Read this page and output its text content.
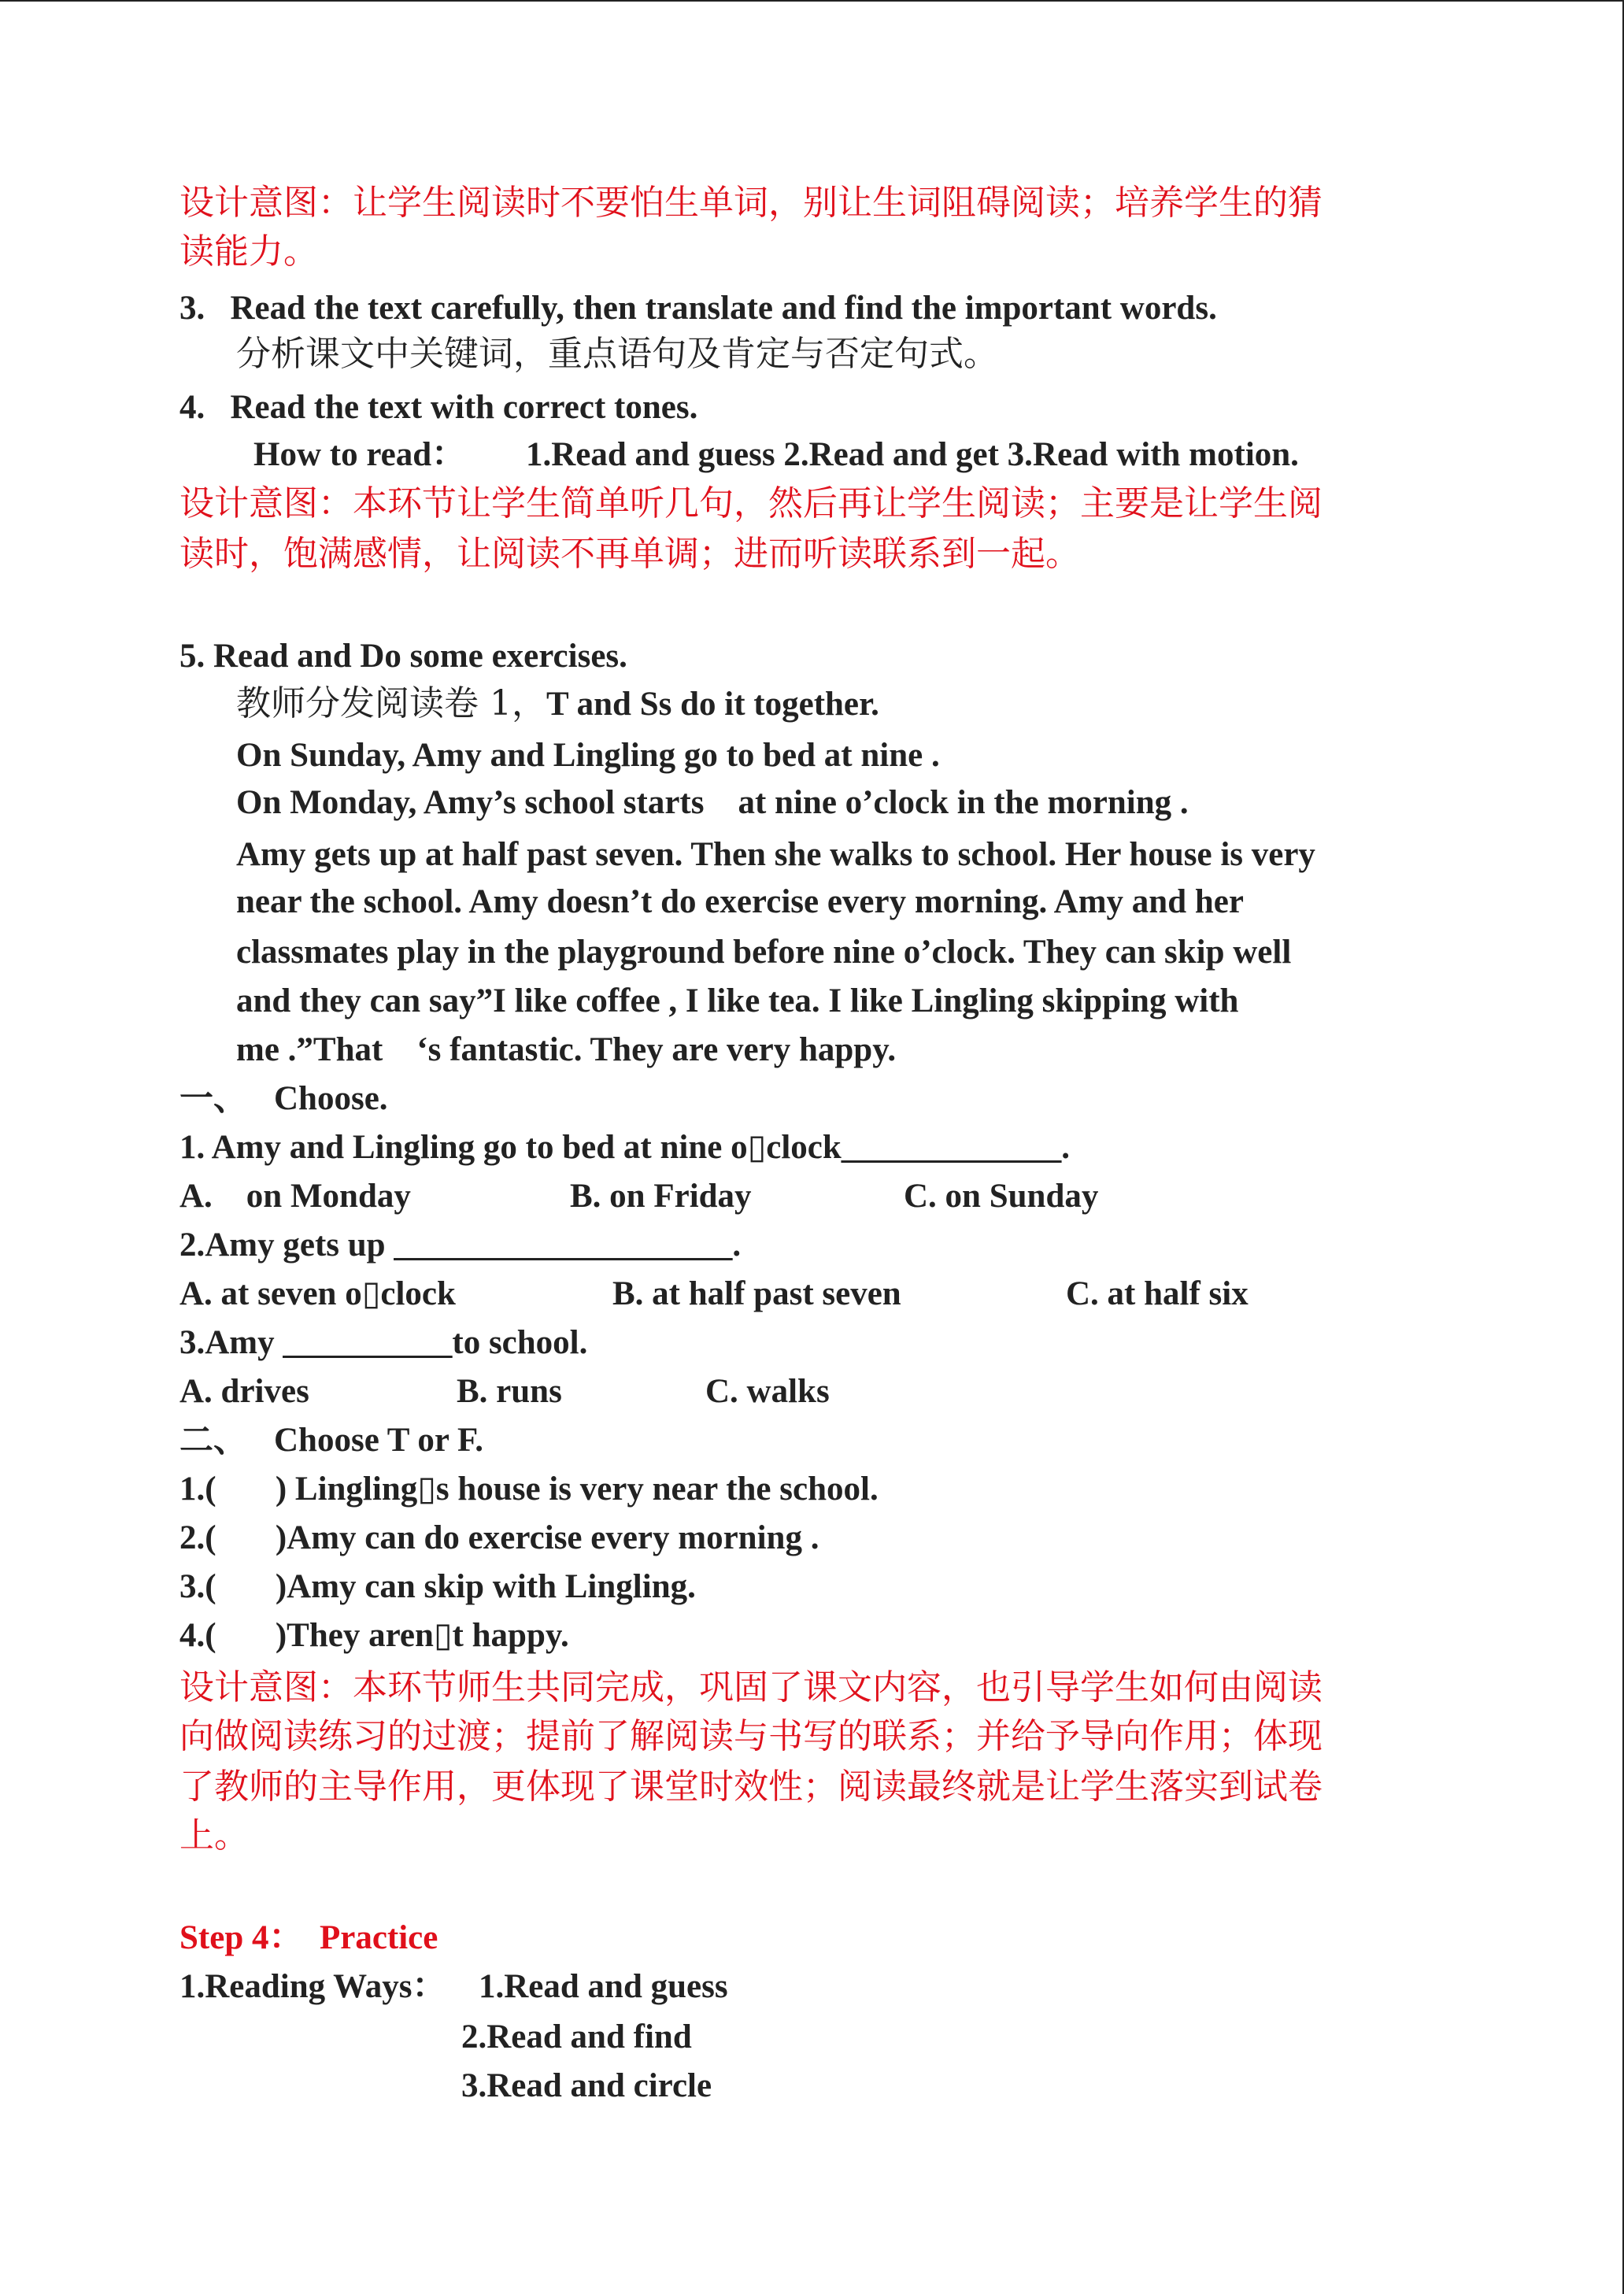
设计意图：让学生阅读时不要怕生单词，别让生词阻碍阅读；培养学生的猜
读能力。
3.   Read the text carefully, then translate and find the important words.
分析课文中关键词，重点语句及肯定与否定句式。
4.   Read the text with correct tones.
How to read： 1.Read and guess 2.Read and get 3.Read with motion.
设计意图：本环节让学生简单听几句，然后再让学生阅读；主要是让学生阅
读时，饱满感情，让阅读不再单调；进而听读联系到一起。
5. Read and Do some exercises.
教师分发阅读卷 1，T and Ss do it together.
On Sunday, Amy and Lingling go to bed at nine .
On Monday, Amy’s school starts    at nine o’clock in the morning .
Amy gets up at half past seven. Then she walks to school. Her house is very
near the school. Amy doesn’t do exercise every morning. Amy and her
classmates play in the playground before nine o’clock. They can skip well
and they can say”I like coffee , I like tea. I like Lingling skipping with
me .”That    ‘s fantastic. They are very happy.
一、 Choose.
1. Amy and Lingling go to bed at nine o▯clock_____________.
A.    on Monday	B. on Friday	C. on Sunday
2.Amy gets up ____________________.
A. at seven o▯clock	B. at half past seven	C. at half six
3.Amy __________to school.
A. drives	B. runs	C. walks
二、 Choose T or F.
1.(       ) Lingling▯s house is very near the school.
2.(       )Amy can do exercise every morning .
3.(       )Amy can skip with Lingling.
4.(       )They aren▯t happy.
设计意图：本环节师生共同完成，巩固了课文内容，也引导学生如何由阅读
向做阅读练习的过渡；提前了解阅读与书写的联系；并给予导向作用；体现
了教师的主导作用，更体现了课堂时效性；阅读最终就是让学生落实到试卷
上。
Step 4：  Practice
1.Reading Ways： 1.Read and guess
2.Read and find
3.Read and circle
